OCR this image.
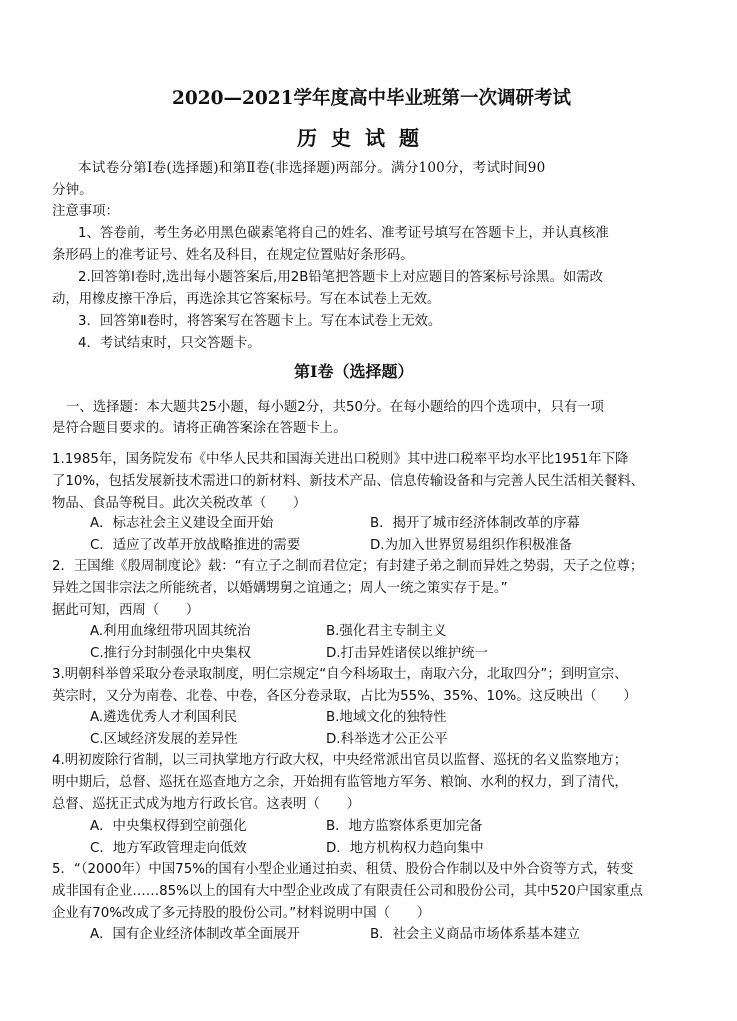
2020—2021学年度高中毕业班第一次调研考试
历史试题
本试卷分第Ⅰ卷(选择题)和第Ⅱ卷(非选择题)两部分。满分100分，考试时间90
分钟。
注意事项：
1、答卷前，考生务必用黑色碳素笔将自己的姓名、准考证号填写在答题卡上，并认真核准
条形码上的准考证号、姓名及科目，在规定位置贴好条形码。
2.回答第Ⅰ卷时,选出每小题答案后,用2B铅笔把答题卡上对应题目的答案标号涂黑。如需改
动，用橡皮擦干净后，再选涂其它答案标号。写在本试卷上无效。
3．回答第Ⅱ卷时，将答案写在答题卡上。写在本试卷上无效。
4．考试结束时，只交答题卡。
第Ⅰ卷（选择题）
一、选择题：本大题共25小题，每小题2分，共50分。在每小题给的四个选项中，只有一项
是符合题目要求的。请将正确答案涂在答题卡上。
1.1985年，国务院发布《中华人民共和国海关进出口税则》其中进口税率平均水平比1951年下降
了10%，包括发展新技术需进口的新材料、新技术产品、信息传输设备和与完善人民生活相关餐料、
物品、食品等税目。此次关税改革（　　）
A．标志社会主义建设全面开始	B．揭开了城市经济体制改革的序幕
C．适应了改革开放战略推进的需要	D.为加入世界贸易组织作积极准备
2．王国维《殷周制度论》载：“有立子之制而君位定；有封建子弟之制而异姓之势弱，天子之位尊；
异姓之国非宗法之所能统者，以婚媾甥舅之谊通之；周人一统之策实存于是。”
据此可知，西周（　　）
A.利用血缘纽带巩固其统治	B.强化君主专制主义
C.推行分封制强化中央集权	D.打击异姓诸侯以维护统一
3.明朝科举曾采取分卷录取制度，明仁宗规定“自今科场取士，南取六分，北取四分”；到明宣宗、
英宗时，又分为南卷、北卷、中卷，各区分卷录取，占比为55%、35%、10%。这反映出（　　）
A.遴选优秀人才利国利民	B.地域文化的独特性
C.区域经济发展的差异性	D.科举选才公正公平
4.明初废除行省制，以三司执掌地方行政大权，中央经常派出官员以监督、巡抚的名义监察地方；
明中期后，总督、巡抚在巡查地方之余，开始拥有监管地方军务、粮饷、水利的权力，到了清代，
总督、巡抚正式成为地方行政长官。这表明（　　）
A．中央集权得到空前强化	B．地方监察体系更加完备
C．地方军政管理走向低效	D．地方机构权力趋向集中
5．“（2000年）中国75%的国有小型企业通过拍卖、租赁、股份合作制以及中外合资等方式，转变
成非国有企业……85%以上的国有大中型企业改成了有限责任公司和股份公司，其中520户国家重点
企业有70%改成了多元持股的股份公司。”材料说明中国（　　）
A．国有企业经济体制改革全面展开	B．社会主义商品市场体系基本建立
